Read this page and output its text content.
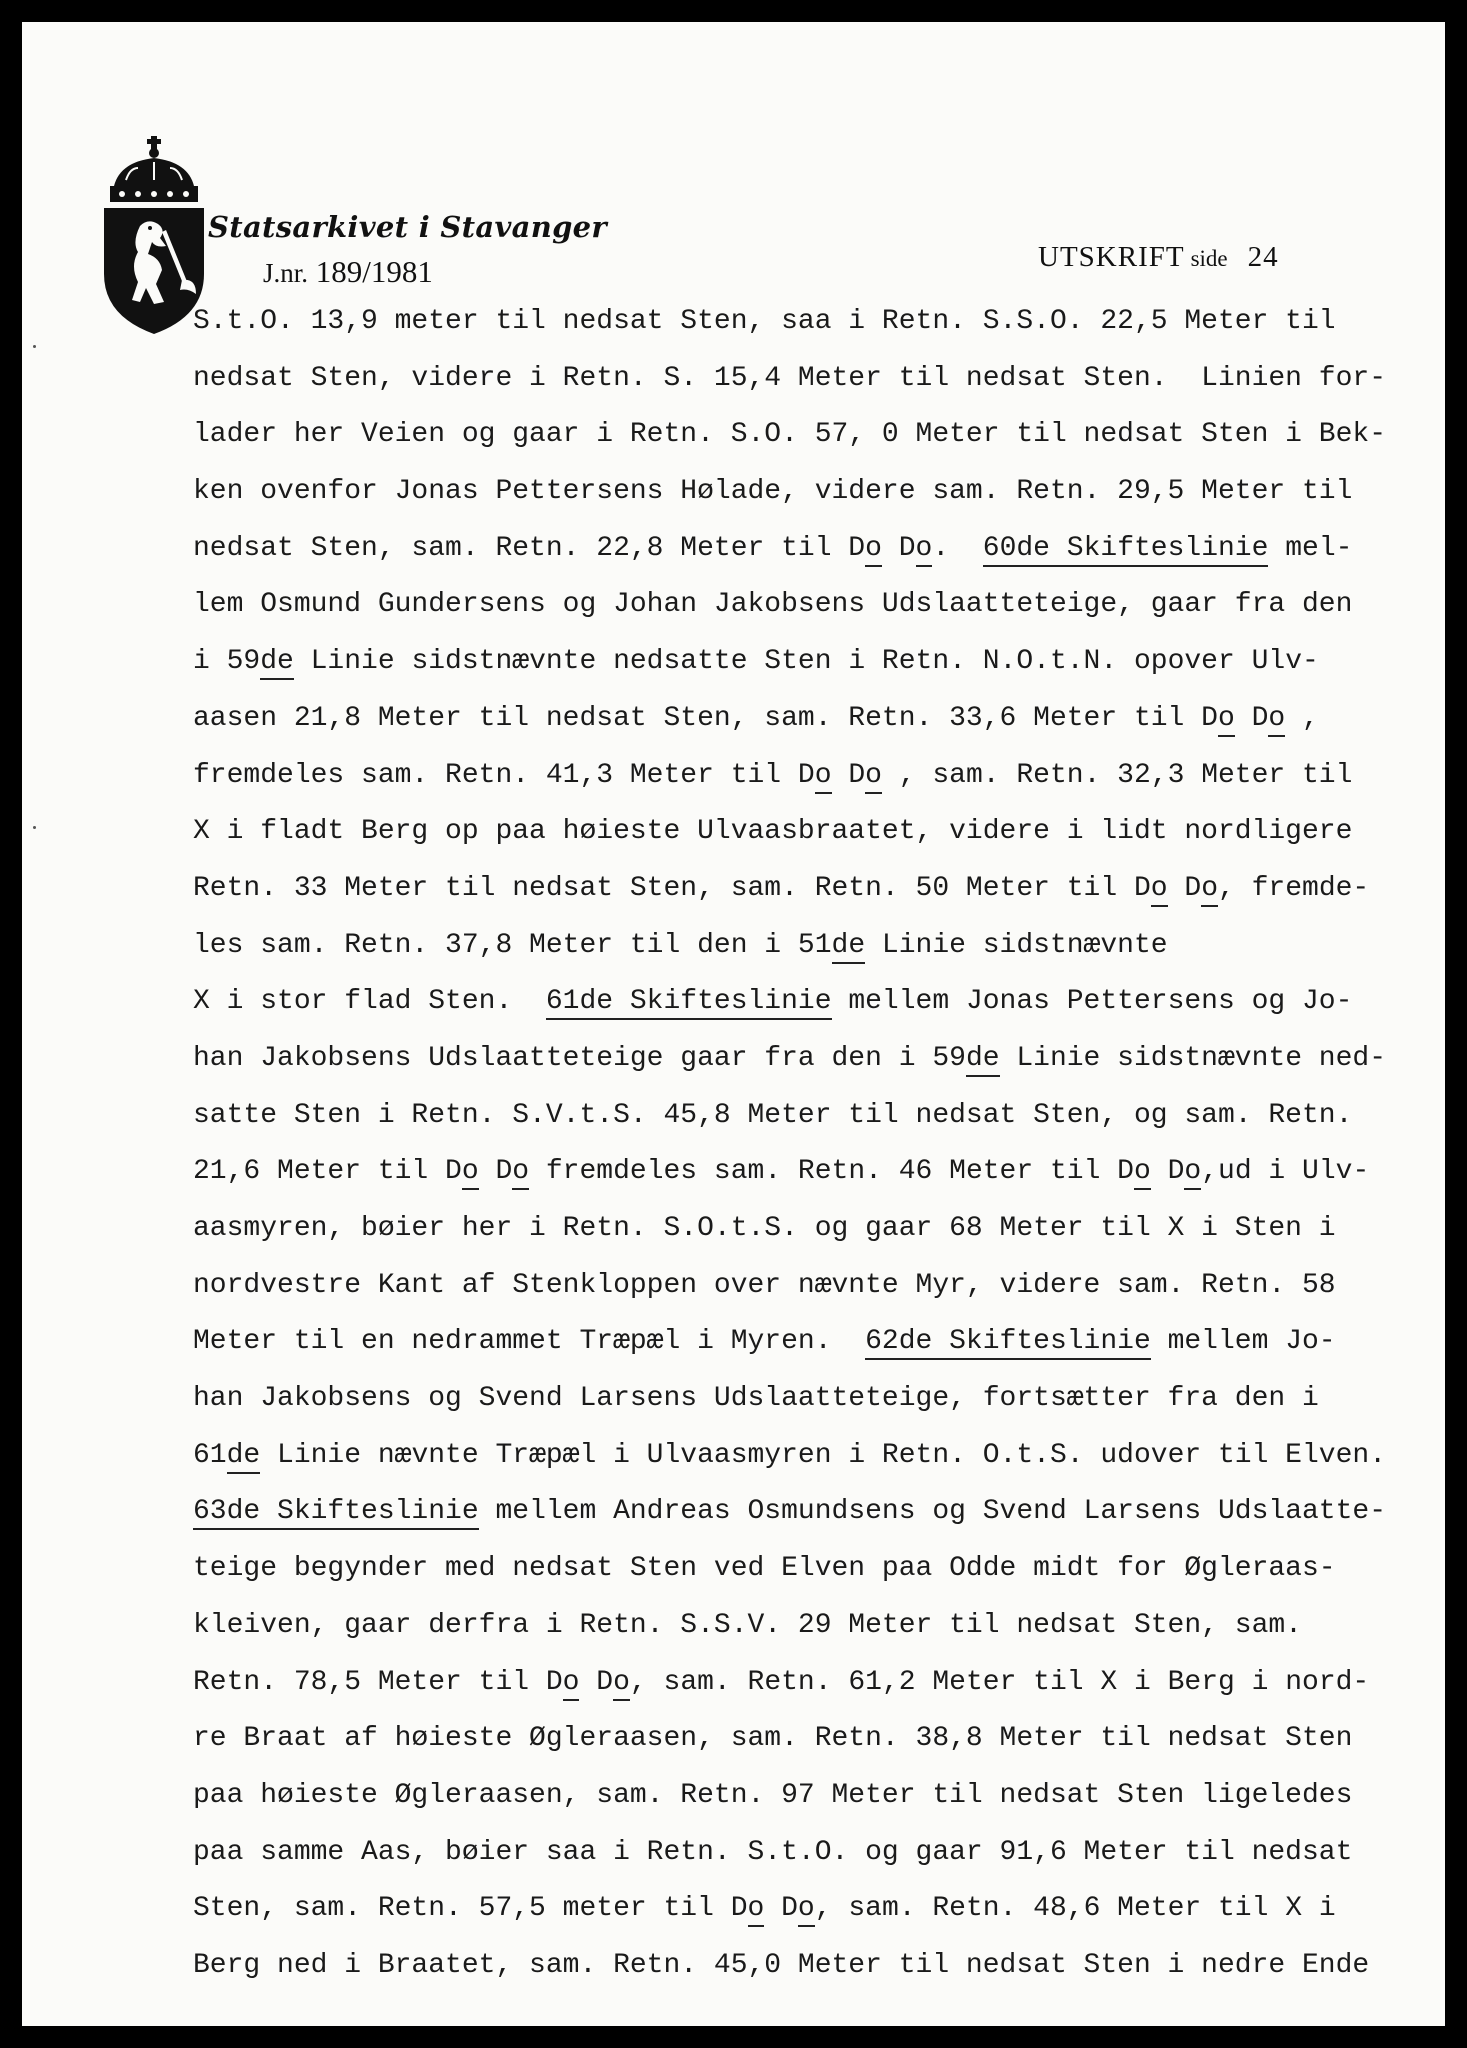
Statsarkivet i Stavanger
J.nr. 189/1981	UTSKRIFT side 24
S.t.O. 13,9 meter til nedsat Sten, saa i Retn. S.S.O. 22,5 Meter til
nedsat Sten, videre i Retn. S. 15,4 Meter til nedsat Sten.  Linien for-
lader her Veien og gaar i Retn. S.O. 57, 0 Meter til nedsat Sten i Bek-
ken ovenfor Jonas Pettersens Hølade, videre sam. Retn. 29,5 Meter til
nedsat Sten, sam. Retn. 22,8 Meter til Do Do.  60de Skifteslinie mel-
lem Osmund Gundersens og Johan Jakobsens Udslaatteteige, gaar fra den
i 59de Linie sidstnævnte nedsatte Sten i Retn. N.O.t.N. opover Ulv-
aasen 21,8 Meter til nedsat Sten, sam. Retn. 33,6 Meter til Do Do ,
fremdeles sam. Retn. 41,3 Meter til Do Do , sam. Retn. 32,3 Meter til
X i fladt Berg op paa høieste Ulvaasbraatet, videre i lidt nordligere
Retn. 33 Meter til nedsat Sten, sam. Retn. 50 Meter til Do Do, fremde-
les sam. Retn. 37,8 Meter til den i 51de Linie sidstnævnte
X i stor flad Sten.  61de Skifteslinie mellem Jonas Pettersens og Jo-
han Jakobsens Udslaatteteige gaar fra den i 59de Linie sidstnævnte ned-
satte Sten i Retn. S.V.t.S. 45,8 Meter til nedsat Sten, og sam. Retn.
21,6 Meter til Do Do fremdeles sam. Retn. 46 Meter til Do Do,ud i Ulv-
aasmyren, bøier her i Retn. S.O.t.S. og gaar 68 Meter til X i Sten i
nordvestre Kant af Stenkloppen over nævnte Myr, videre sam. Retn. 58
Meter til en nedrammet Træpæl i Myren.  62de Skifteslinie mellem Jo-
han Jakobsens og Svend Larsens Udslaatteteige, fortsætter fra den i
61de Linie nævnte Træpæl i Ulvaasmyren i Retn. O.t.S. udover til Elven.
63de Skifteslinie mellem Andreas Osmundsens og Svend Larsens Udslaatte-
teige begynder med nedsat Sten ved Elven paa Odde midt for Øgleraas-
kleiven, gaar derfra i Retn. S.S.V. 29 Meter til nedsat Sten, sam.
Retn. 78,5 Meter til Do Do, sam. Retn. 61,2 Meter til X i Berg i nord-
re Braat af høieste Øgleraasen, sam. Retn. 38,8 Meter til nedsat Sten
paa høieste Øgleraasen, sam. Retn. 97 Meter til nedsat Sten ligeledes
paa samme Aas, bøier saa i Retn. S.t.O. og gaar 91,6 Meter til nedsat
Sten, sam. Retn. 57,5 meter til Do Do, sam. Retn. 48,6 Meter til X i
Berg ned i Braatet, sam. Retn. 45,0 Meter til nedsat Sten i nedre Ende
